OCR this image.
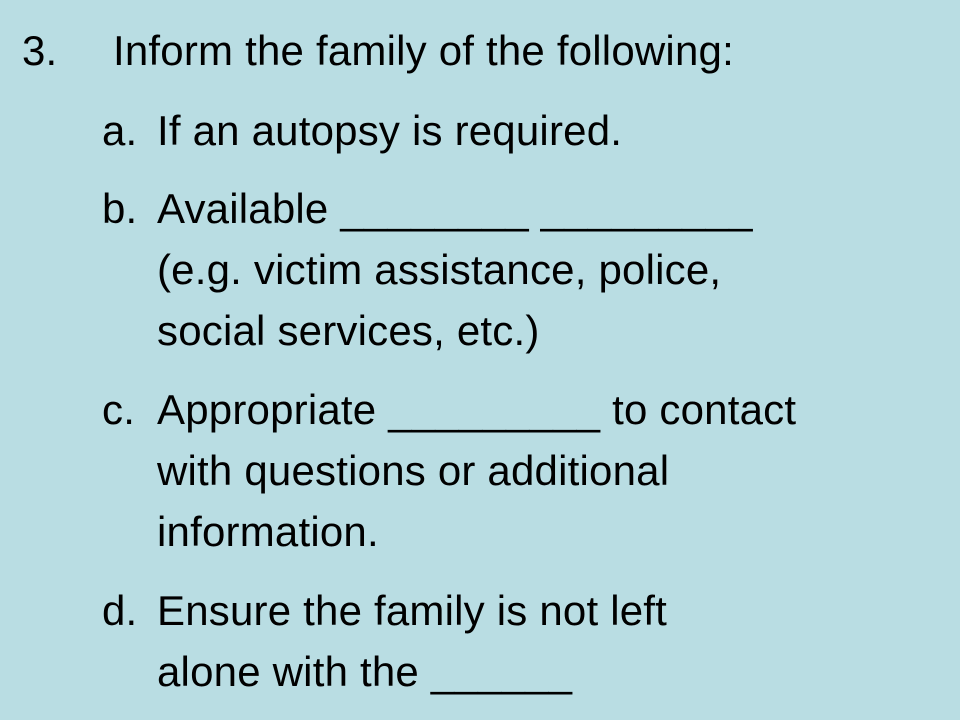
3. Inform the family of the following:
a. If an autopsy is required.
b. Available ________ _________
(e.g. victim assistance, police,
social services, etc.)
c. Appropriate _________ to contact
with questions or additional
information.
d. Ensure the family is not left
alone with the ______
